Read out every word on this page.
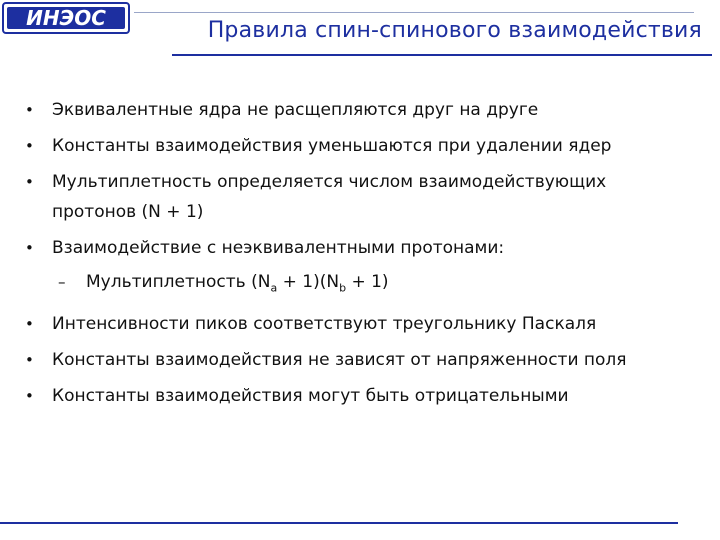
ИНЭОС	Правила спин-спинового взаимодействия
• Эквивалентные ядра не расщепляются друг на друге
• Константы взаимодействия уменьшаются при удалении ядер
• Мультиплетность определяется числом взаимодействующих протонов (N + 1)
• Взаимодействие с неэквивалентными протонами:
– Мультиплетность $(N_a + 1)(N_b + 1)$
• Интенсивности пиков соответствуют треугольнику Паскаля
• Константы взаимодействия не зависят от напряженности поля
• Константы взаимодействия могут быть отрицательными
